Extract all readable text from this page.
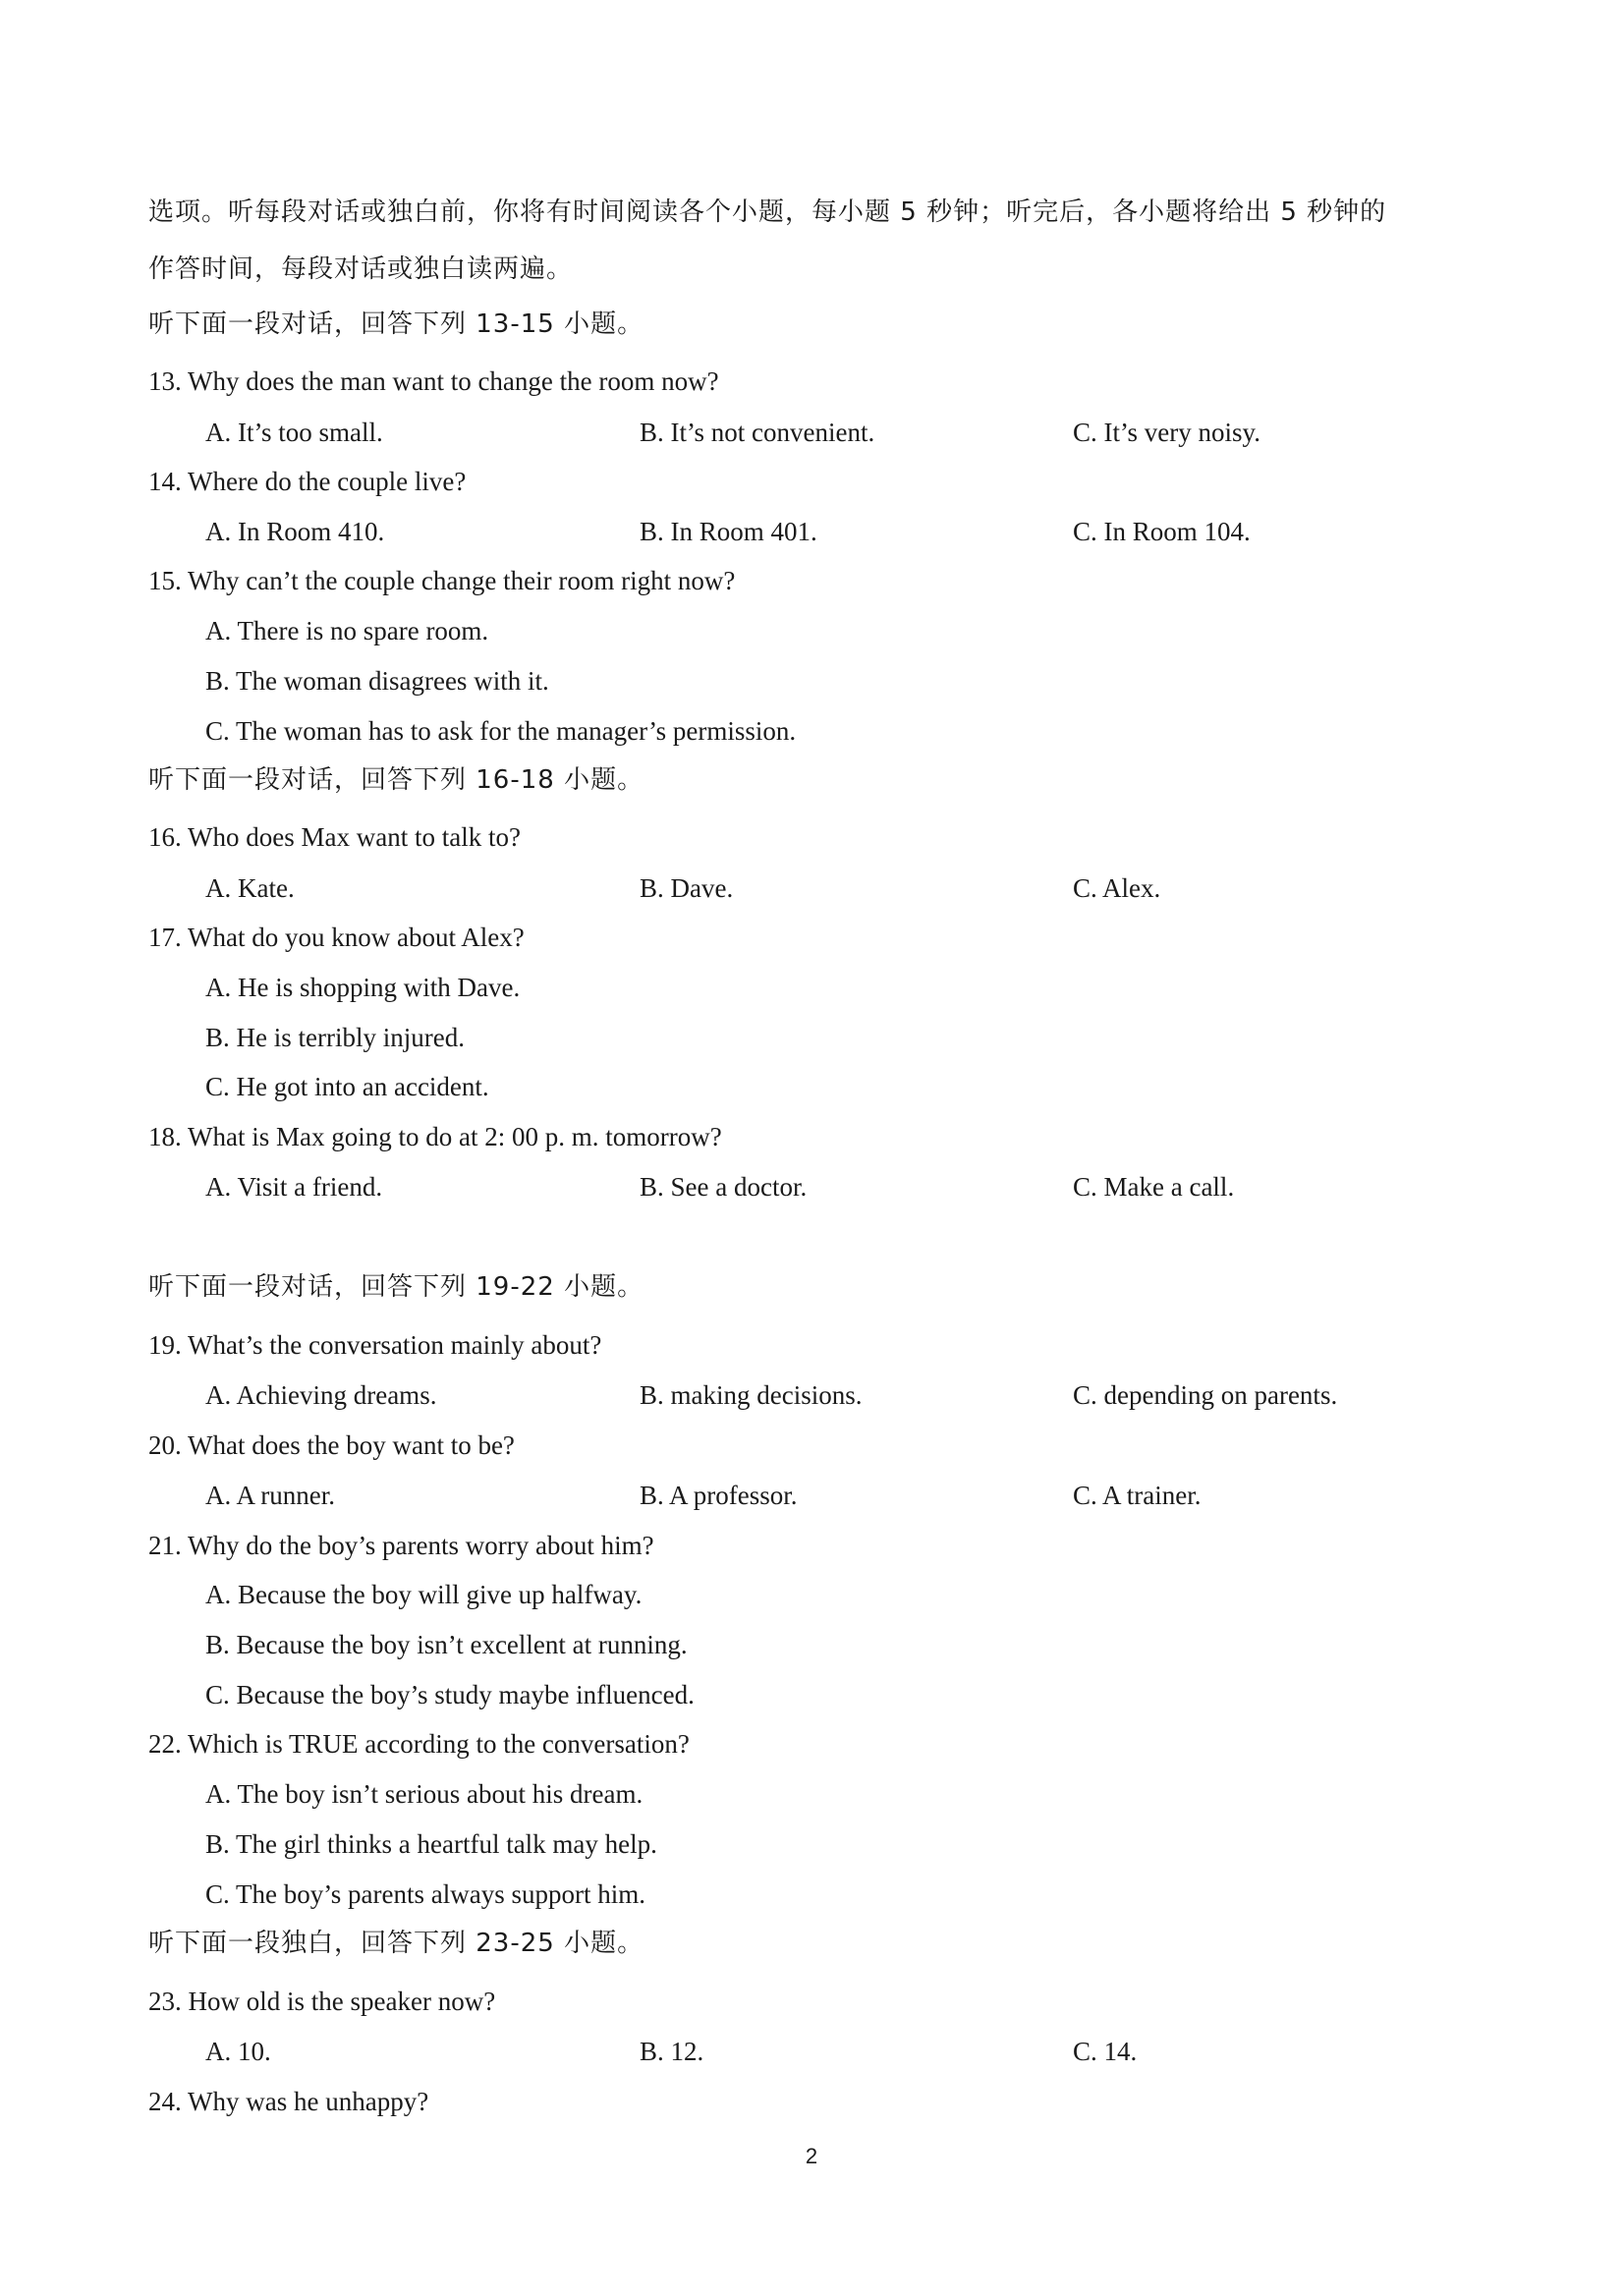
选项。听每段对话或独白前，你将有时间阅读各个小题，每小题 5 秒钟；听完后，各小题将给出 5 秒钟的
作答时间，每段对话或独白读两遍。
听下面一段对话，回答下列 13-15 小题。
13. Why does the man want to change the room now?
A. It’s too small.	B. It’s not convenient.	C. It’s very noisy.
14. Where do the couple live?
A. In Room 410.	B. In Room 401.	C. In Room 104.
15. Why can’t the couple change their room right now?
A. There is no spare room.
B. The woman disagrees with it.
C. The woman has to ask for the manager’s permission.
听下面一段对话，回答下列 16-18 小题。
16. Who does Max want to talk to?
A. Kate.	B. Dave.	C. Alex.
17. What do you know about Alex?
A. He is shopping with Dave.
B. He is terribly injured.
C. He got into an accident.
18. What is Max going to do at 2: 00 p. m. tomorrow?
A. Visit a friend.	B. See a doctor.	C. Make a call.
听下面一段对话，回答下列 19-22 小题。
19. What’s the conversation mainly about?
A. Achieving dreams.	B. making decisions.	C. depending on parents.
20. What does the boy want to be?
A. A runner.	B. A professor.	C. A trainer.
21. Why do the boy’s parents worry about him?
A. Because the boy will give up halfway.
B. Because the boy isn’t excellent at running.
C. Because the boy’s study maybe influenced.
22. Which is TRUE according to the conversation?
A. The boy isn’t serious about his dream.
B. The girl thinks a heartful talk may help.
C. The boy’s parents always support him.
听下面一段独白，回答下列 23-25 小题。
23. How old is the speaker now?
A. 10.	B. 12.	C. 14.
24. Why was he unhappy?
2
